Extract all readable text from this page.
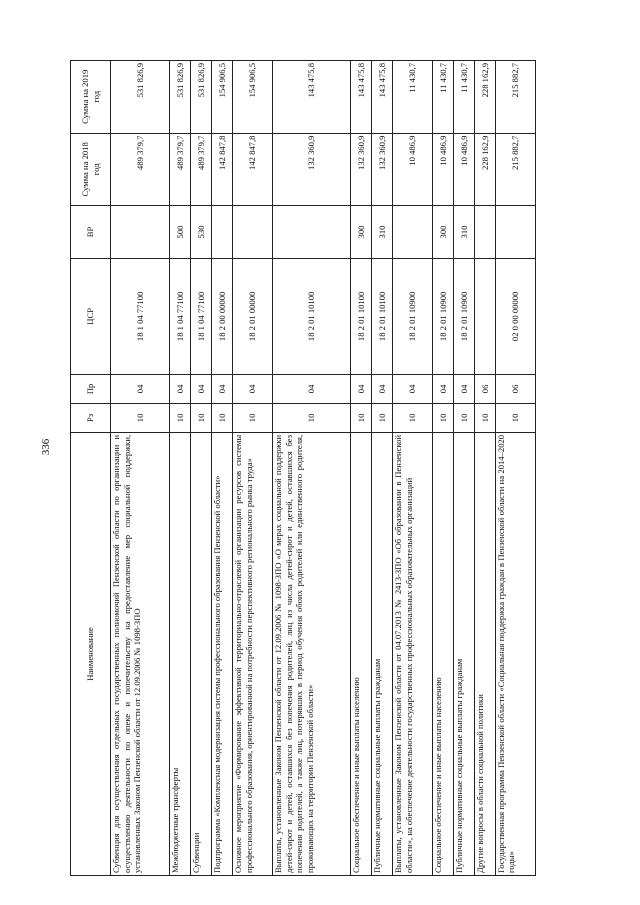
336
Наименование	Рз	Пр	ЦСР	ВР	Сумма на 2018 год	Сумма на 2019 год
Субвенция для осуществления отдельных государственных полномочий Пензенской области по организации и осуществлению деятельности по опеке и попечительству на предоставление мер социальной поддержки, установленных Законом Пензенской области от 12.09.2006 № 1098-ЗПО	10	04	18 1 04 77100		489 379,7	531 826,9
Межбюджетные трансферты	10	04	18 1 04 77100	500	489 379,7	531 826,9
Субвенции	10	04	18 1 04 77100	530	489 379,7	531 826,9
Подпрограмма «Комплексная модернизация системы профессионального образования Пензенской области»	10	04	18 2 00 00000		142 847,8	154 906,5
Основное мероприятие «Формирование эффективной территориально-отраслевой организации ресурсов системы профессионального образования, ориентированной на потребности перспективного регионального рынка труда»	10	04	18 2 01 00000		142 847,8	154 906,5
Выплаты, установленные Законом Пензенской области от 12.09.2006 № 1098-ЗПО «О мерах социальной поддержки детей-сирот и детей, оставшихся без попечения родителей, лиц из числа детей-сирот и детей, оставшихся без попечения родителей, а также лиц, потерявших в период обучения обоих родителей или единственного родителя, проживающих на территории Пензенской области»	10	04	18 2 01 10100		132 360,9	143 475,8
Социальное обеспечение и иные выплаты населению	10	04	18 2 01 10100	300	132 360,9	143 475,8
Публичные нормативные социальные выплаты гражданам	10	04	18 2 01 10100	310	132 360,9	143 475,8
Выплаты, установленные Законом Пензенской области от 04.07.2013 № 2413-ЗПО «Об образовании в Пензенской области», на обеспечение деятельности государственных профессиональных образовательных организаций	10	04	18 2 01 10900		10 486,9	11 430,7
Социальное обеспечение и иные выплаты населению	10	04	18 2 01 10900	300	10 486,9	11 430,7
Публичные нормативные социальные выплаты гражданам	10	04	18 2 01 10900	310	10 486,9	11 430,7
Другие вопросы в области социальной политики	10	06			228 162,9	228 162,9
Государственная программа Пензенской области «Социальная поддержка граждан в Пензенской области на 2014–2020 годы»	10	06	02 0 00 00000		215 882,7	215 882,7
